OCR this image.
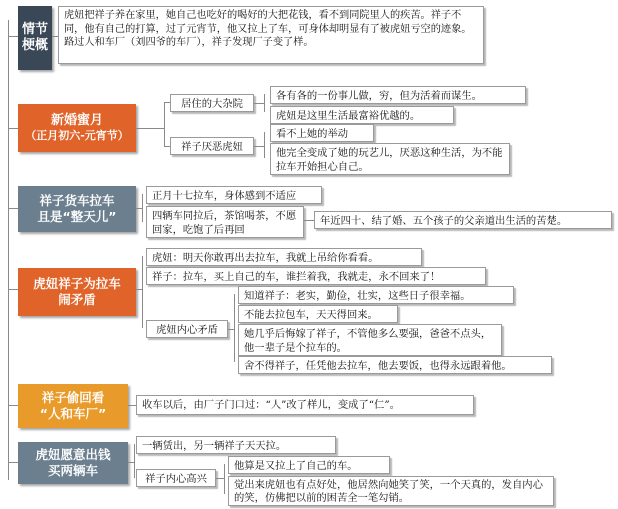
情节
梗概
虎妞把祥子养在家里，她自己也吃好的喝好的大把花钱，看不到同院里人的疾苦。祥子不同，他有自己的打算，过了元宵节，他又拉上了车，可身体却明显有了被虎妞亏空的迹象。路过人和车厂（刘四爷的车厂），祥子发现厂子变了样。
新婚蜜月
（正月初六-元宵节）
居住的大杂院
各有各的一份事儿做，穷，但为活着而谋生。
虎妞是这里生活最富裕优越的。
祥子厌恶虎妞
看不上她的举动
他完全变成了她的玩艺儿，厌恶这种生活，为不能拉车开始担心自己。
祥子货车拉车
且是“整天儿”
正月十七拉车，身体感到不适应
四辆车同拉后，茶馆喝茶，不愿回家，吃饱了后再回
年近四十、结了婚、五个孩子的父亲道出生活的苦楚。
虎妞祥子为拉车
闹矛盾
虎妞：明天你敢再出去拉车，我就上吊给你看看。
祥子：拉车，买上自己的车，谁拦着我，我就走，永不回来了！
虎妞内心矛盾
知道祥子：老实，勤俭，壮实，这些日子很幸福。
不能去拉包车，天天得回来。
她几乎后悔嫁了祥子，不管他多么要强，爸爸不点头，他一辈子是个拉车的。
舍不得祥子，任凭他去拉车，他去要饭，也得永远跟着他。
祥子偷回看
“人和车厂”
收车以后，由厂子门口过：“人”改了样儿，变成了“仁”。
虎妞愿意出钱
买两辆车
一辆赁出，另一辆祥子天天拉。
祥子内心高兴
他算是又拉上了自己的车。
觉出来虎妞也有点好处，他居然向她笑了笑，一个天真的，发自内心的笑，仿佛把以前的困苦全一笔勾销。
